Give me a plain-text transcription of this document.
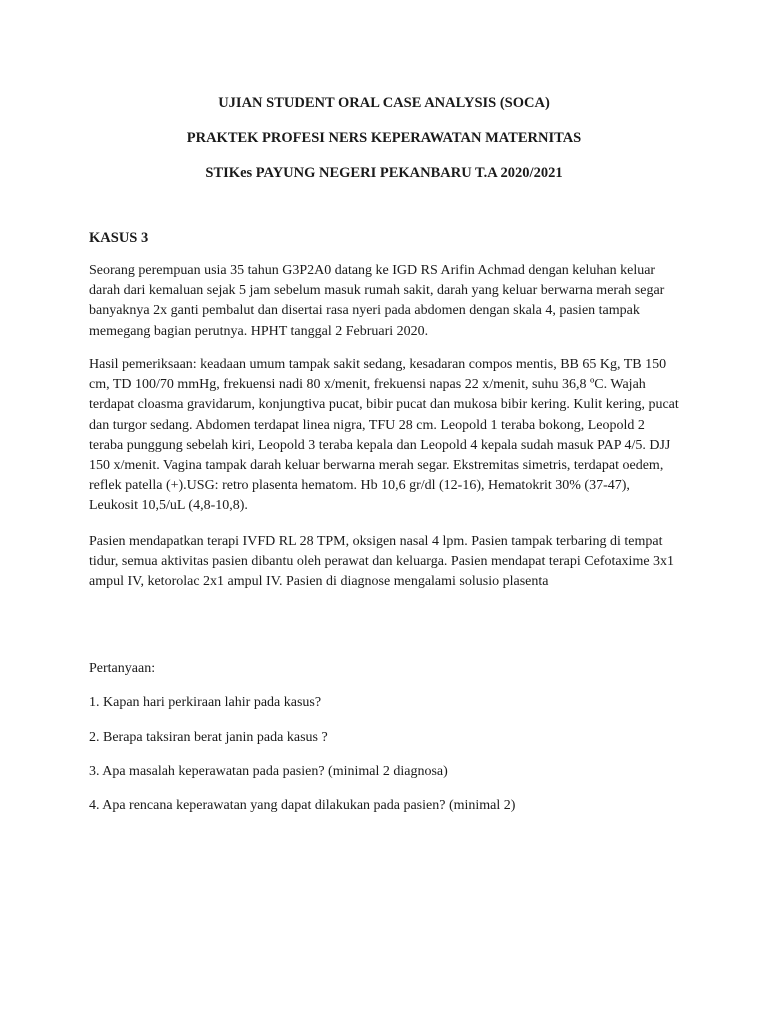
UJIAN STUDENT ORAL CASE ANALYSIS (SOCA)
PRAKTEK PROFESI NERS KEPERAWATAN MATERNITAS
STIKes PAYUNG NEGERI PEKANBARU T.A 2020/2021
KASUS 3

Seorang perempuan usia 35 tahun G3P2A0 datang ke IGD RS Arifin Achmad dengan keluhan keluar darah dari kemaluan sejak 5 jam sebelum masuk rumah sakit, darah yang keluar berwarna merah segar banyaknya 2x ganti pembalut dan disertai rasa nyeri pada abdomen dengan skala 4, pasien tampak memegang bagian perutnya. HPHT tanggal 2 Februari 2020.

Hasil pemeriksaan: keadaan umum tampak sakit sedang, kesadaran compos mentis, BB 65 Kg, TB 150 cm, TD 100/70 mmHg, frekuensi nadi 80 x/menit, frekuensi napas 22 x/menit, suhu 36,8 ºC. Wajah terdapat cloasma gravidarum, konjungtiva pucat, bibir pucat dan mukosa bibir kering. Kulit kering, pucat dan turgor sedang. Abdomen terdapat linea nigra, TFU 28 cm. Leopold 1 teraba bokong, Leopold 2 teraba punggung sebelah kiri, Leopold 3 teraba kepala dan Leopold 4 kepala sudah masuk PAP 4/5. DJJ 150 x/menit. Vagina tampak darah keluar berwarna merah segar. Ekstremitas simetris, terdapat oedem, reflek patella (+).USG: retro plasenta hematom. Hb 10,6 gr/dl (12-16), Hematokrit 30% (37-47), Leukosit 10,5/uL (4,8-10,8).

Pasien mendapatkan terapi IVFD RL 28 TPM, oksigen nasal 4 lpm. Pasien tampak terbaring di tempat tidur, semua aktivitas pasien dibantu oleh perawat dan keluarga. Pasien mendapat terapi Cefotaxime 3x1 ampul IV, ketorolac 2x1 ampul IV. Pasien di diagnose mengalami solusio plasenta

Pertanyaan:
1. Kapan hari perkiraan lahir pada kasus?
2. Berapa taksiran berat janin pada kasus ?
3. Apa masalah keperawatan pada pasien? (minimal 2 diagnosa)
4. Apa rencana keperawatan yang dapat dilakukan pada pasien? (minimal 2)
